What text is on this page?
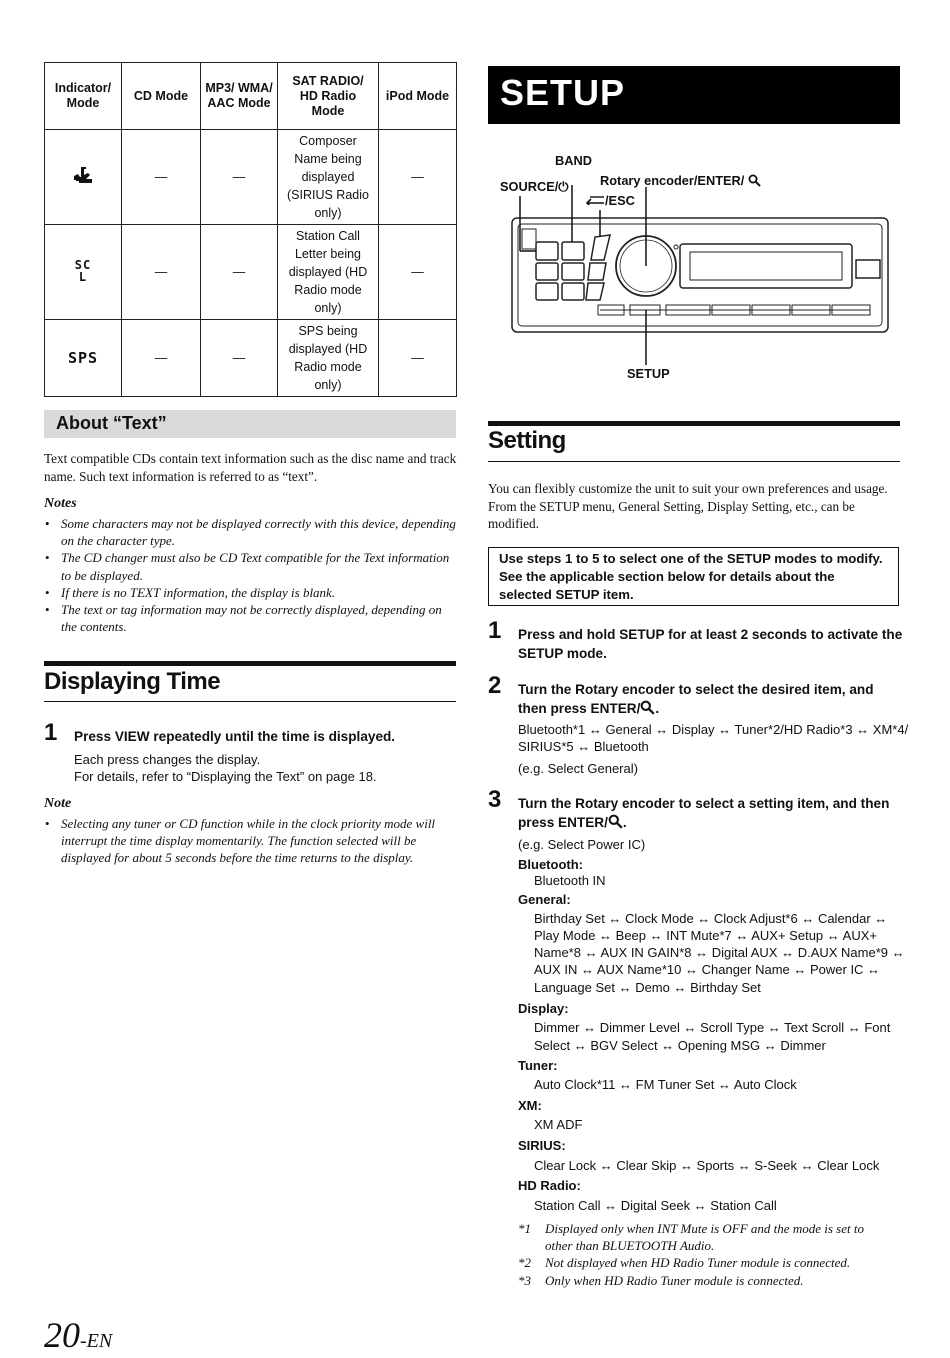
Indicator/ Mode	CD Mode	MP3/ WMA/ AAC Mode	SAT RADIO/ HD Radio Mode	iPod Mode
	—	—	Composer Name being displayed (SIRIUS Radio only)	—
SC L	—	—	Station Call Letter being displayed (HD Radio mode only)	—
SPS	—	—	SPS being displayed (HD Radio mode only)	—
About “Text”
Text compatible CDs contain text information such as the disc name and track name. Such text information is referred to as “text”.
Notes
• Some characters may not be displayed correctly with this device, depending on the character type.
• The CD changer must also be CD Text compatible for the Text information to be displayed.
• If there is no TEXT information, the display is blank.
• The text or tag information may not be correctly displayed, depending on the contents.
Displaying Time
1 Press VIEW repeatedly until the time is displayed.
Each press changes the display.
For details, refer to “Displaying the Text” on page 18.
Note
• Selecting any tuner or CD function while in the clock priority mode will interrupt the time display momentarily. The function selected will be displayed for about 5 seconds before the time returns to the display.
20-EN
SETUP
BAND
SOURCE/⏻ Rotary encoder/ENTER/
/ESC
SETUP
Setting
You can flexibly customize the unit to suit your own preferences and usage. From the SETUP menu, General Setting, Display Setting, etc., can be modified.
Use steps 1 to 5 to select one of the SETUP modes to modify.
See the applicable section below for details about the
selected SETUP item.
1 Press and hold SETUP for at least 2 seconds to activate the
SETUP mode.
2 Turn the Rotary encoder to select the desired item, and
then press ENTER/ .
Bluetooth*1 ↔ General ↔ Display ↔ Tuner*2/HD Radio*3 ↔ XM*4/
SIRIUS*5 ↔ Bluetooth
(e.g. Select General)
3 Turn the Rotary encoder to select a setting item, and then
press ENTER/ .
(e.g. Select Power IC)
Bluetooth:
Bluetooth IN
General:
Birthday Set ↔ Clock Mode ↔ Clock Adjust*6 ↔ Calendar ↔
Play Mode ↔ Beep ↔ INT Mute*7 ↔ AUX+ Setup ↔ AUX+
Name*8 ↔ AUX IN GAIN*8 ↔ Digital AUX ↔ D.AUX Name*9 ↔
AUX IN ↔ AUX Name*10 ↔ Changer Name ↔ Power IC ↔
Language Set ↔ Demo ↔ Birthday Set
Display:
Dimmer ↔ Dimmer Level ↔ Scroll Type ↔ Text Scroll ↔ Font
Select ↔ BGV Select ↔ Opening MSG ↔ Dimmer
Tuner:
Auto Clock*11 ↔ FM Tuner Set ↔ Auto Clock
XM:
XM ADF
SIRIUS:
Clear Lock ↔ Clear Skip ↔ Sports ↔ S-Seek ↔ Clear Lock
HD Radio:
Station Call ↔ Digital Seek ↔ Station Call
*1 Displayed only when INT Mute is OFF and the mode is set to
other than BLUETOOTH Audio.
*2 Not displayed when HD Radio Tuner module is connected.
*3 Only when HD Radio Tuner module is connected.
